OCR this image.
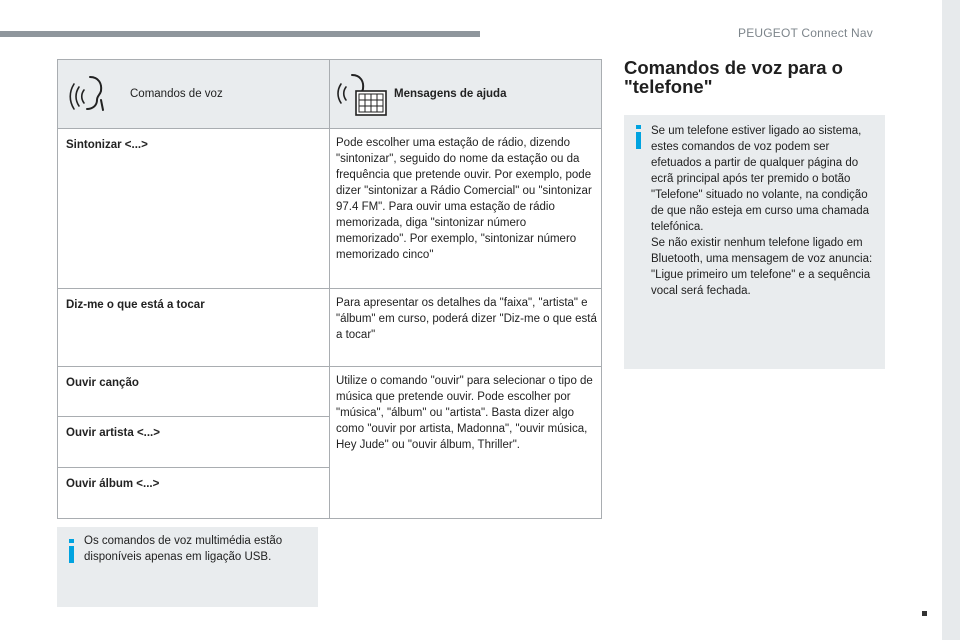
PEUGEOT Connect Nav
Comandos de voz	Mensagens de ajuda

Sintonizar <...>	Pode escolher uma estação de rádio, dizendo "sintonizar", seguido do nome da estação ou da frequência que pretende ouvir. Por exemplo, pode dizer "sintonizar a Rádio Comercial" ou "sintonizar 97.4 FM". Para ouvir uma estação de rádio memorizada, diga "sintonizar número memorizado". Por exemplo, "sintonizar número memorizado cinco"

Diz-me o que está a tocar	Para apresentar os detalhes da "faixa", "artista" e "álbum" em curso, poderá dizer "Diz-me o que está a tocar"

Ouvir canção	Utilize o comando "ouvir" para selecionar o tipo de música que pretende ouvir. Pode escolher por "música", "álbum" ou "artista". Basta dizer algo como "ouvir por artista, Madonna", "ouvir música, Hey Jude" ou "ouvir álbum, Thriller".

Ouvir artista <...>	

Ouvir álbum <...>	
Os comandos de voz multimédia estão disponíveis apenas em ligação USB.
Comandos de voz para o "telefone"
Se um telefone estiver ligado ao sistema, estes comandos de voz podem ser efetuados a partir de qualquer página do ecrã principal após ter premido o botão "Telefone" situado no volante, na condição de que não esteja em curso uma chamada telefónica.
Se não existir nenhum telefone ligado em Bluetooth, uma mensagem de voz anuncia: "Ligue primeiro um telefone" e a sequência vocal será fechada.
